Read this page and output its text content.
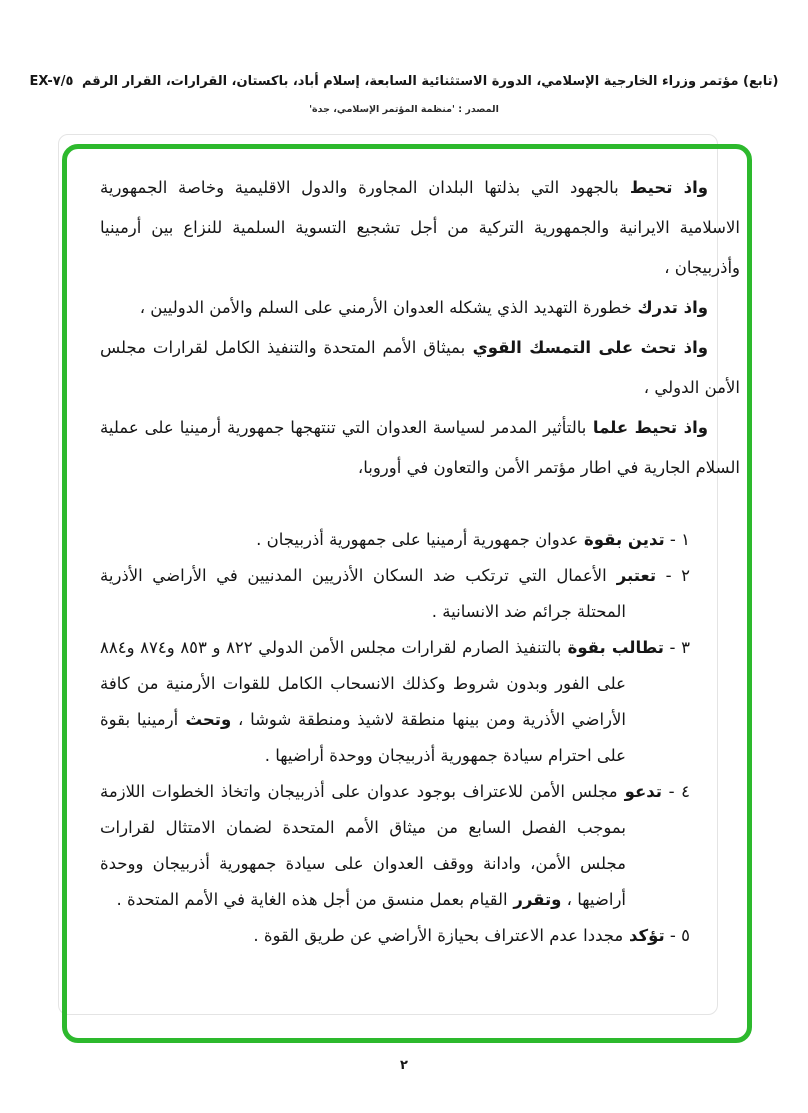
(تابع) مؤتمر وزراء الخارجية الإسلامي، الدورة الاستثنائية السابعة، إسلام أباد، باكستان، القرارات، القرار الرقم EX-٧/٥
المصدر : 'منظمة المؤتمر الإسلامي، جدة'

واذ تحيط بالجهود التي بذلتها البلدان المجاورة والدول الاقليمية وخاصة الجمهورية الاسلامية الايرانية والجمهورية التركية من أجل تشجيع التسوية السلمية للنزاع بين أرمينيا وأذربيجان ،

واذ تدرك خطورة التهديد الذي يشكله العدوان الأرمني على السلم والأمن الدوليين ،

واذ تحث على التمسك القوي بميثاق الأمم المتحدة والتنفيذ الكامل لقرارات مجلس الأمن الدولي ،

واذ تحيط علما بالتأثير المدمر لسياسة العدوان التي تنتهجها جمهورية أرمينيا على عملية السلام الجارية في اطار مؤتمر الأمن والتعاون في أوروبا،

١ - تدين بقوة عدوان جمهورية أرمينيا على جمهورية أذربيجان .

٢ - تعتبر الأعمال التي ترتكب ضد السكان الأذريين المدنيين في الأراضي الأذرية المحتلة جرائم ضد الانسانية .

٣ - تطالب بقوة بالتنفيذ الصارم لقرارات مجلس الأمن الدولي ٨٢٢ و ٨٥٣ و٨٧٤ و٨٨٤ على الفور وبدون شروط وكذلك الانسحاب الكامل للقوات الأرمنية من كافة الأراضي الأذرية ومن بينها منطقة لاشيذ ومنطقة شوشا ، وتحث أرمينيا بقوة على احترام سيادة جمهورية أذربيجان ووحدة أراضيها .

٤ - تدعو مجلس الأمن للاعتراف بوجود عدوان على أذربيجان واتخاذ الخطوات اللازمة بموجب الفصل السابع من ميثاق الأمم المتحدة لضمان الامتثال لقرارات مجلس الأمن، وادانة ووقف العدوان على سيادة جمهورية أذربيجان ووحدة أراضيها ، وتقرر القيام بعمل منسق من أجل هذه الغاية في الأمم المتحدة .

٥ - تؤكد مجددا عدم الاعتراف بحيازة الأراضي عن طريق القوة .

٢
